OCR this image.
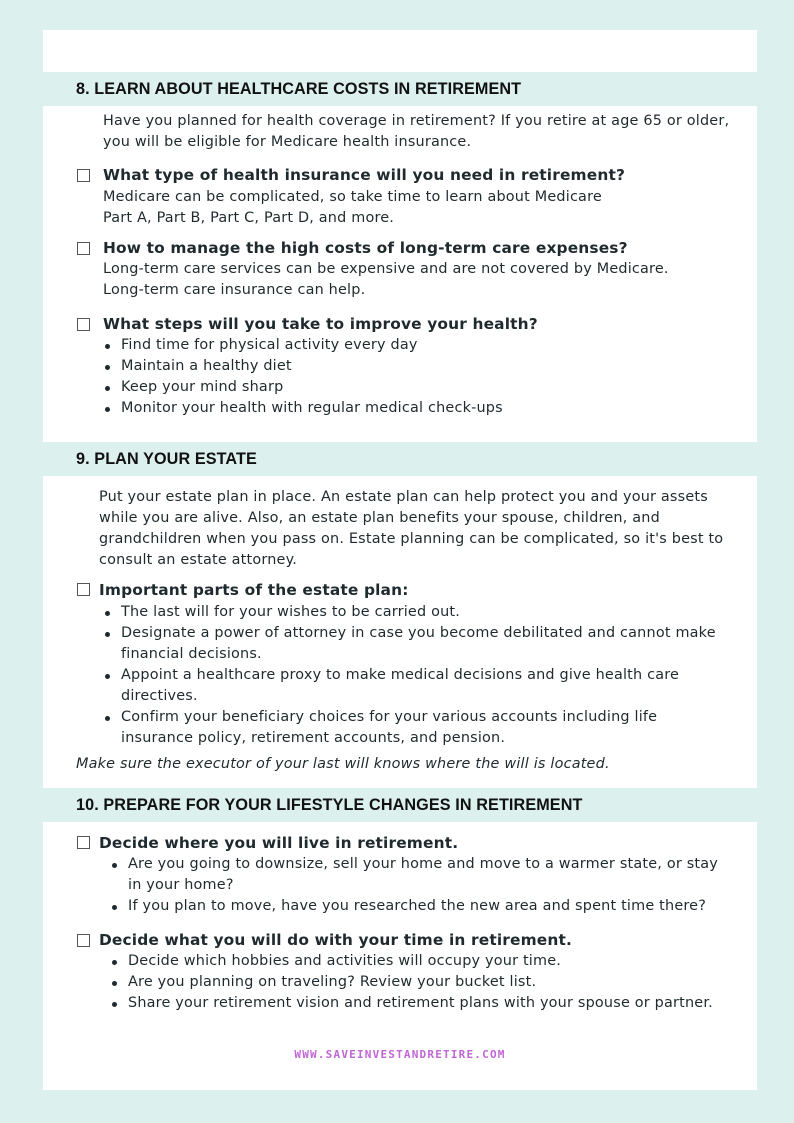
8. LEARN ABOUT HEALTHCARE COSTS IN RETIREMENT
Have you planned for health coverage in retirement? If you retire at age 65 or older, you will be eligible for Medicare health insurance.
What type of health insurance will you need in retirement?
Medicare can be complicated, so take time to learn about Medicare
Part A, Part B, Part C, Part D, and more.
How to manage the high costs of long-term care expenses?
Long-term care services can be expensive and are not covered by Medicare.
Long-term care insurance can help.
What steps will you take to improve your health?
Find time for physical activity every day
Maintain a healthy diet
Keep your mind sharp
Monitor your health with regular medical check-ups
9. PLAN YOUR ESTATE
Put your estate plan in place. An estate plan can help protect you and your assets while you are alive. Also, an estate plan benefits your spouse, children, and grandchildren when you pass on. Estate planning can be complicated, so it's best to consult an estate attorney.
Important parts of the estate plan:
The last will for your wishes to be carried out.
Designate a power of attorney in case you become debilitated and cannot make financial decisions.
Appoint a healthcare proxy to make medical decisions and give health care directives.
Confirm your beneficiary choices for your various accounts including life insurance policy, retirement accounts, and pension.
Make sure the executor of your last will knows where the will is located.
10. PREPARE FOR YOUR LIFESTYLE CHANGES IN RETIREMENT
Decide where you will live in retirement.
Are you going to downsize, sell your home and move to a warmer state, or stay in your home?
If you plan to move, have you researched the new area and spent time there?
Decide what you will do with your time in retirement.
Decide which hobbies and activities will occupy your time.
Are you planning on traveling? Review your bucket list.
Share your retirement vision and retirement plans with your spouse or partner.
WWW.SAVEINVESTANDRETIRE.COM
